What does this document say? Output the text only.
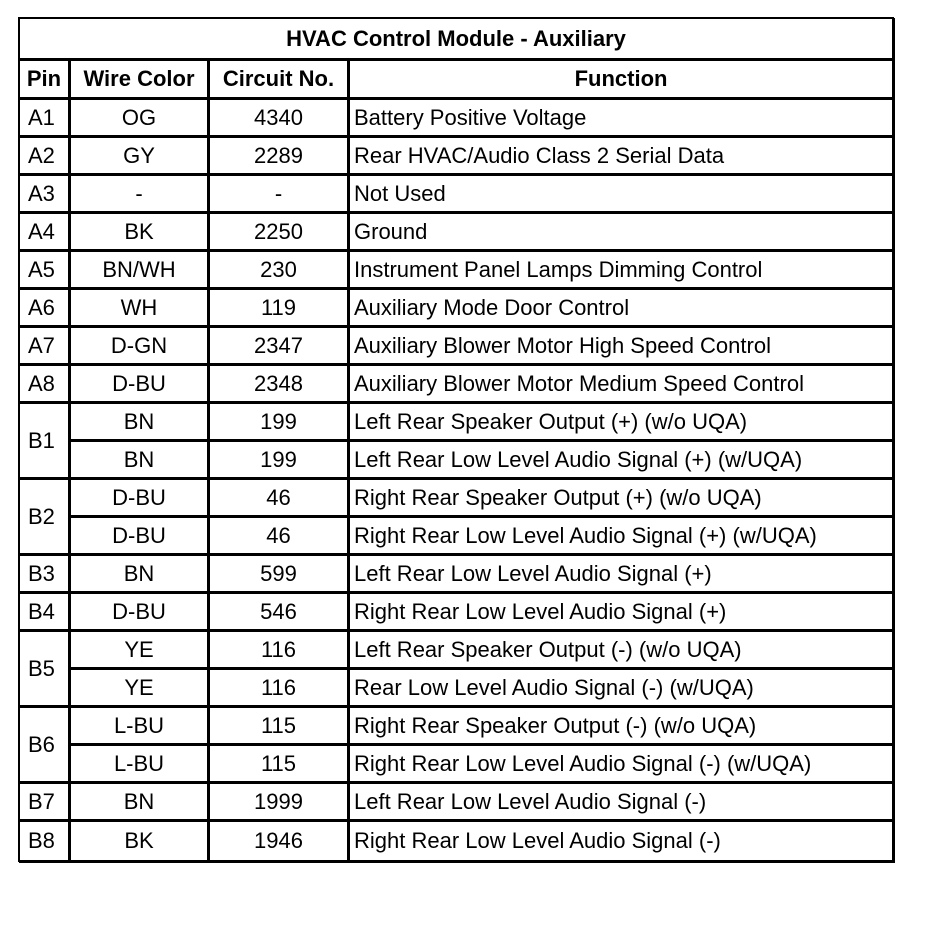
HVAC Control Module - Auxiliary			
Pin	Wire Color	Circuit No.	Function
A1	OG	4340	Battery Positive Voltage
A2	GY	2289	Rear HVAC/Audio Class 2 Serial Data
A3	-	-	Not Used
A4	BK	2250	Ground
A5	BN/WH	230	Instrument Panel Lamps Dimming Control
A6	WH	119	Auxiliary Mode Door Control
A7	D-GN	2347	Auxiliary Blower Motor High Speed Control
A8	D-BU	2348	Auxiliary Blower Motor Medium Speed Control
B1	BN	199	Left Rear Speaker Output (+) (w/o UQA)
	BN	199	Left Rear Low Level Audio Signal (+) (w/UQA)
B2	D-BU	46	Right Rear Speaker Output (+) (w/o UQA)
	D-BU	46	Right Rear Low Level Audio Signal (+) (w/UQA)
B3	BN	599	Left Rear Low Level Audio Signal (+)
B4	D-BU	546	Right Rear Low Level Audio Signal (+)
B5	YE	116	Left Rear Speaker Output (-) (w/o UQA)
	YE	116	Rear Low Level Audio Signal (-) (w/UQA)
B6	L-BU	115	Right Rear Speaker Output (-) (w/o UQA)
	L-BU	115	Right Rear Low Level Audio Signal (-) (w/UQA)
B7	BN	1999	Left Rear Low Level Audio Signal (-)
B8	BK	1946	Right Rear Low Level Audio Signal (-)
